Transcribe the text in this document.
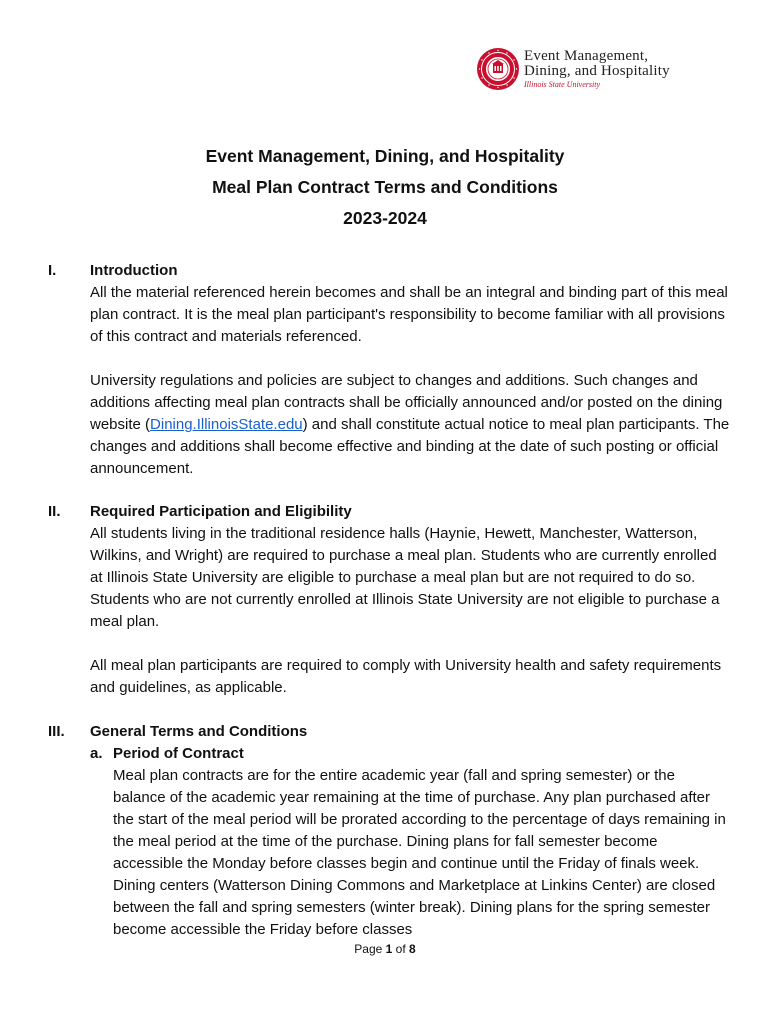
Event Management,
Dining, and Hospitality
Illinois State University
Event Management, Dining, and Hospitality
Meal Plan Contract Terms and Conditions
2023-2024
I. Introduction

All the material referenced herein becomes and shall be an integral and binding part of this meal plan contract. It is the meal plan participant's responsibility to become familiar with all provisions of this contract and materials referenced.

University regulations and policies are subject to changes and additions. Such changes and additions affecting meal plan contracts shall be officially announced and/or posted on the dining website (Dining.IllinoisState.edu) and shall constitute actual notice to meal plan participants. The changes and additions shall become effective and binding at the date of such posting or official announcement.

II. Required Participation and Eligibility

All students living in the traditional residence halls (Haynie, Hewett, Manchester, Watterson, Wilkins, and Wright) are required to purchase a meal plan. Students who are currently enrolled at Illinois State University are eligible to purchase a meal plan but are not required to do so. Students who are not currently enrolled at Illinois State University are not eligible to purchase a meal plan.

All meal plan participants are required to comply with University health and safety requirements and guidelines, as applicable.

III. General Terms and Conditions
a. Period of Contract

Meal plan contracts are for the entire academic year (fall and spring semester) or the balance of the academic year remaining at the time of purchase. Any plan purchased after the start of the meal period will be prorated according to the percentage of days remaining in the meal period at the time of the purchase. Dining plans for fall semester become accessible the Monday before classes begin and continue until the Friday of finals week. Dining centers (Watterson Dining Commons and Marketplace at Linkins Center) are closed between the fall and spring semesters (winter break). Dining plans for the spring semester become accessible the Friday before classes

Page 1 of 8
